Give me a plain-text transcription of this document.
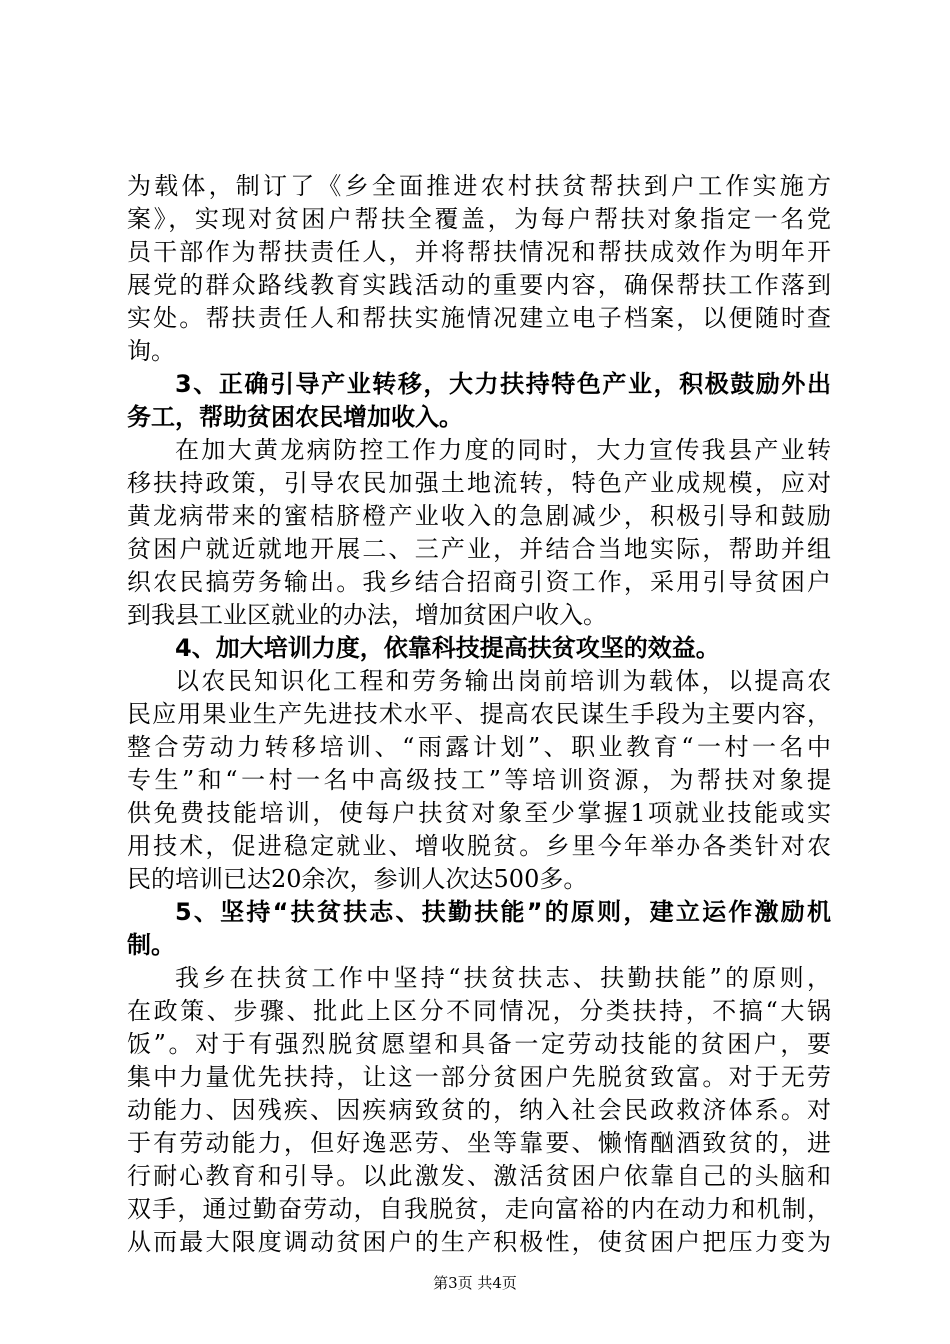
为载体，制订了《乡全面推进农村扶贫帮扶到户工作实施方
案》，实现对贫困户帮扶全覆盖，为每户帮扶对象指定一名党
员干部作为帮扶责任人，并将帮扶情况和帮扶成效作为明年开
展党的群众路线教育实践活动的重要内容，确保帮扶工作落到
实处。帮扶责任人和帮扶实施情况建立电子档案，以便随时查
询。
3、正确引导产业转移，大力扶持特色产业，积极鼓励外出
务工，帮助贫困农民增加收入。
在加大黄龙病防控工作力度的同时，大力宣传我县产业转
移扶持政策，引导农民加强土地流转，特色产业成规模，应对
黄龙病带来的蜜桔脐橙产业收入的急剧减少，积极引导和鼓励
贫困户就近就地开展二、三产业，并结合当地实际，帮助并组
织农民搞劳务输出。我乡结合招商引资工作，采用引导贫困户
到我县工业区就业的办法，增加贫困户收入。
4、加大培训力度，依靠科技提高扶贫攻坚的效益。
以农民知识化工程和劳务输出岗前培训为载体，以提高农
民应用果业生产先进技术水平、提高农民谋生手段为主要内容，
整合劳动力转移培训、“雨露计划”、职业教育“一村一名中
专生”和“一村一名中高级技工”等培训资源，为帮扶对象提
供免费技能培训，使每户扶贫对象至少掌握1项就业技能或实
用技术，促进稳定就业、增收脱贫。乡里今年举办各类针对农
民的培训已达20余次，参训人次达500多。
5、坚持“扶贫扶志、扶勤扶能”的原则，建立运作激励机
制。
我乡在扶贫工作中坚持“扶贫扶志、扶勤扶能”的原则，
在政策、步骤、批此上区分不同情况，分类扶持，不搞“大锅
饭”。对于有强烈脱贫愿望和具备一定劳动技能的贫困户，要
集中力量优先扶持，让这一部分贫困户先脱贫致富。对于无劳
动能力、因残疾、因疾病致贫的，纳入社会民政救济体系。对
于有劳动能力，但好逸恶劳、坐等靠要、懒惰酗酒致贫的，进
行耐心教育和引导。以此激发、激活贫困户依靠自己的头脑和
双手，通过勤奋劳动，自我脱贫，走向富裕的内在动力和机制，
从而最大限度调动贫困户的生产积极性，使贫困户把压力变为
第3页 共4页
